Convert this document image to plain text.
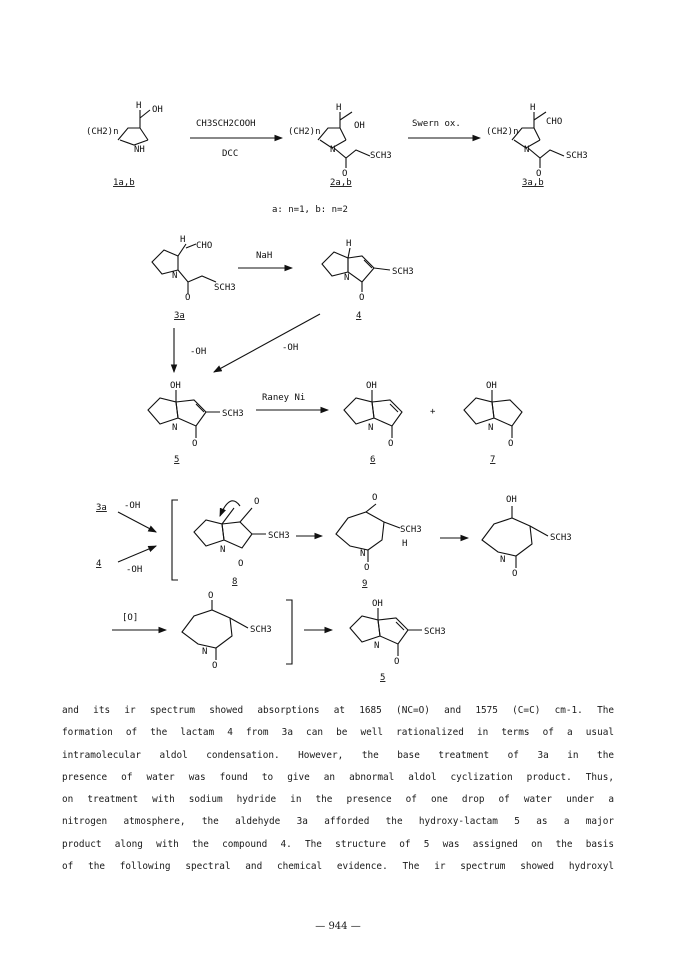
H OH
(CH2)n
NH
1a,b
CH3SCH2COOH
DCC
H
OH
(CH2)n
N
O
SCH3
2a,b
Swern ox.
H
CHO
(CH2)n
N
O
SCH3
3a,b
a: n=1, b: n=2
H
CHO
N
O
SCH3
3a
NaH
H
SCH3
N
O
4
-OH	-OH
OH
SCH3
N
O
5
Raney Ni
OH
N
O
6
+
OH
N
O
7
3a -OH
4
-OH
O
SCH3
N
O
8
O
SCH3
H
N
O
9
OH
SCH3
N
O
[O]
O
SCH3
N
O
OH
SCH3
N
O
5

and its ir spectrum showed absorptions at 1685 (NC=O) and 1575 (C=C) cm-1. The

formation of the lactam 4 from 3a can be well rationalized in terms of a usual

intramolecular aldol condensation. However, the base treatment of 3a in the

presence of water was found to give an abnormal aldol cyclization product. Thus,

on treatment with sodium hydride in the presence of one drop of water under a

nitrogen atmosphere, the aldehyde 3a afforded the hydroxy-lactam 5 as a major

product along with the compound 4. The structure of 5 was assigned on the basis

of the following spectral and chemical evidence. The ir spectrum showed hydroxyl

— 944 —
